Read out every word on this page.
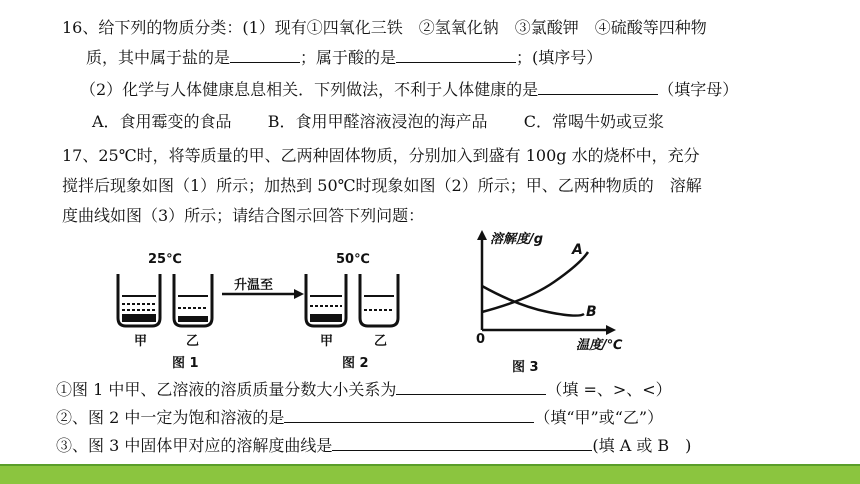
16、给下列的物质分类：(1）现有①四氧化三铁　②氢氧化钠　③氯酸钾　④硫酸等四种物
质，其中属于盐的是	；属于酸的是	；(填序号）
（2）化学与人体健康息息相关．下列做法，不利于人体健康的是	（填字母）
A．食用霉变的食品 B．食用甲醛溶液浸泡的海产品 C．常喝牛奶或豆浆
17、25℃时，将等质量的甲、乙两种固体物质，分别加入到盛有 100g 水的烧杯中，充分
搅拌后现象如图（1）所示；加热到 50℃时现象如图（2）所示；甲、乙两种物质的　溶解
度曲线如图（3）所示；请结合图示回答下列问题：
25℃
升温至
50℃
甲	乙	甲	乙
图 1	图 2
溶解度/g
A
B
0	温度/℃
图 3
①图 1 中甲、乙溶液的溶质质量分数大小关系为	（填 =、>、<）
②、图 2 中一定为饱和溶液的是	（填“甲”或“乙”）
③、图 3 中固体甲对应的溶解度曲线是	(填 A 或 B　)
